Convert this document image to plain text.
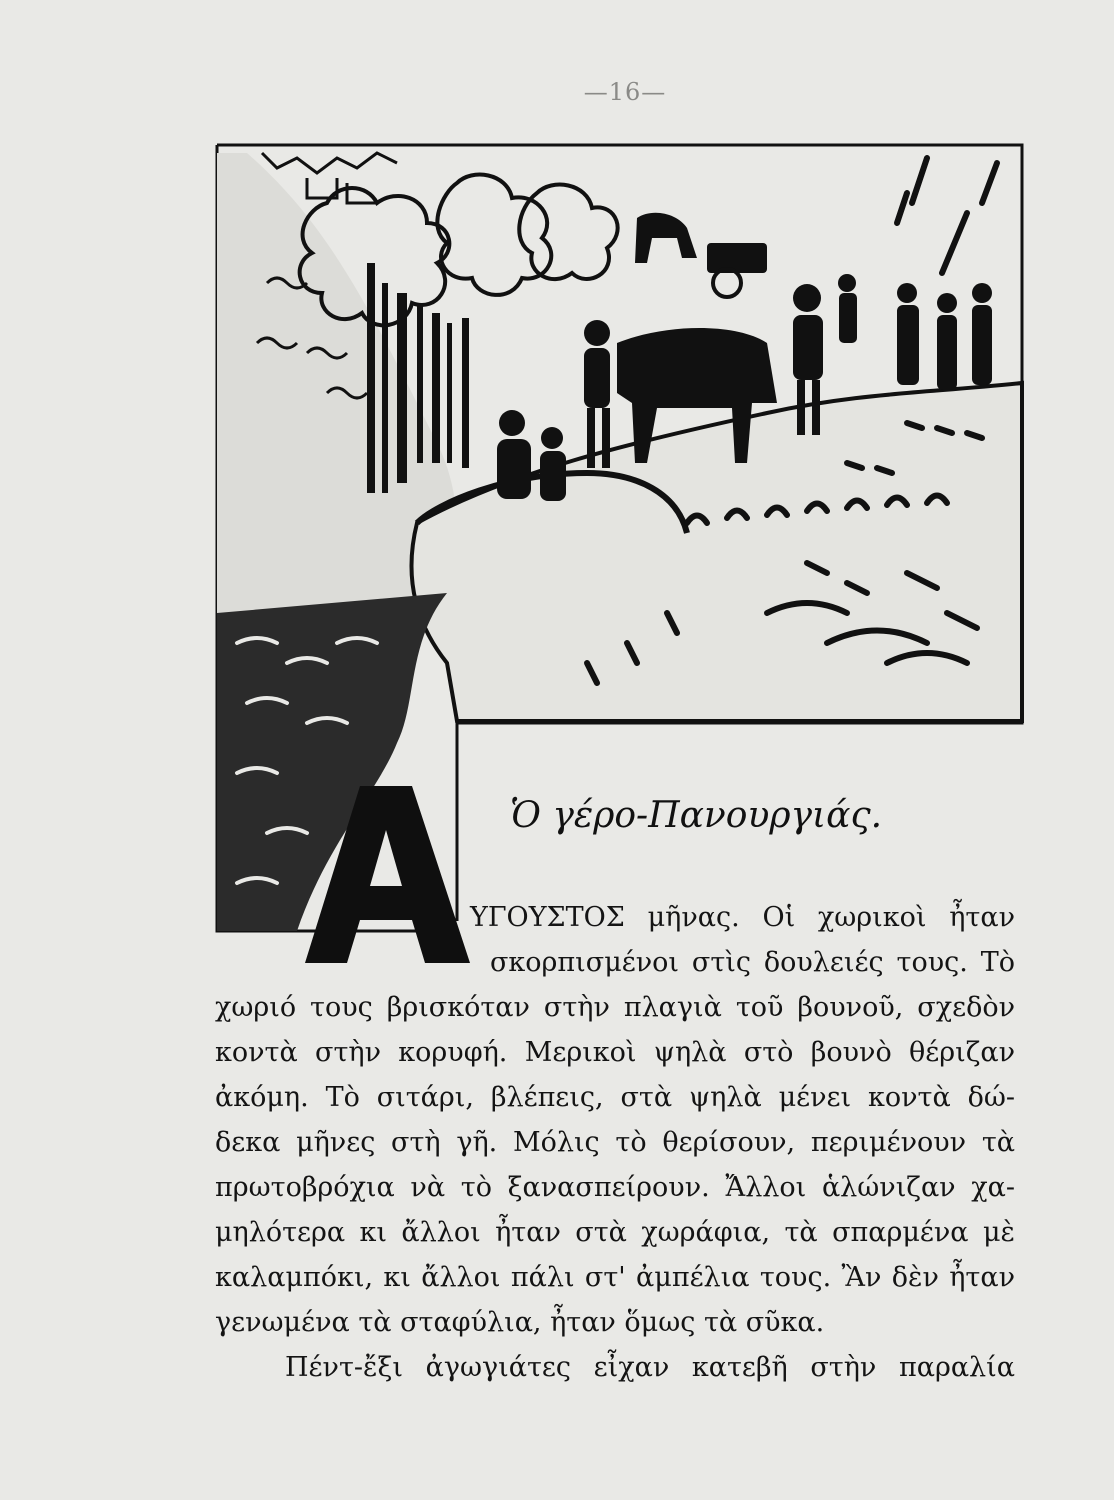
—16—
Ὁ γέρο-Πανουργιάς.
ΥΓΟΥΣΤΟΣ μῆνας. Οἱ χωρικοὶ ἦταν
σκορπισμένοι στὶς δουλειές τους. Τὸ
χωριό τους βρισκόταν στὴν πλαγιὰ τοῦ βουνοῦ, σχεδὸν
κοντὰ στὴν κορυφή. Μερικοὶ ψηλὰ στὸ βουνὸ θέριζαν
ἀκόμη. Τὸ σιτάρι, βλέπεις, στὰ ψηλὰ μένει κοντὰ δώ-
δεκα μῆνες στὴ γῆ. Μόλις τὸ θερίσουν, περιμένουν τὰ
πρωτοβρόχια νὰ τὸ ξανασπείρουν. Ἄλλοι ἁλώνιζαν χα-
μηλότερα κι ἄλλοι ἦταν στὰ χωράφια, τὰ σπαρμένα μὲ
καλαμπόκι, κι ἄλλοι πάλι στ' ἀμπέλια τους. Ἂν δὲν ἦταν
γενωμένα τὰ σταφύλια, ἦταν ὅμως τὰ σῦκα.
Πέντ-ἔξι ἀγωγιάτες εἶχαν κατεβῆ στὴν παραλία
